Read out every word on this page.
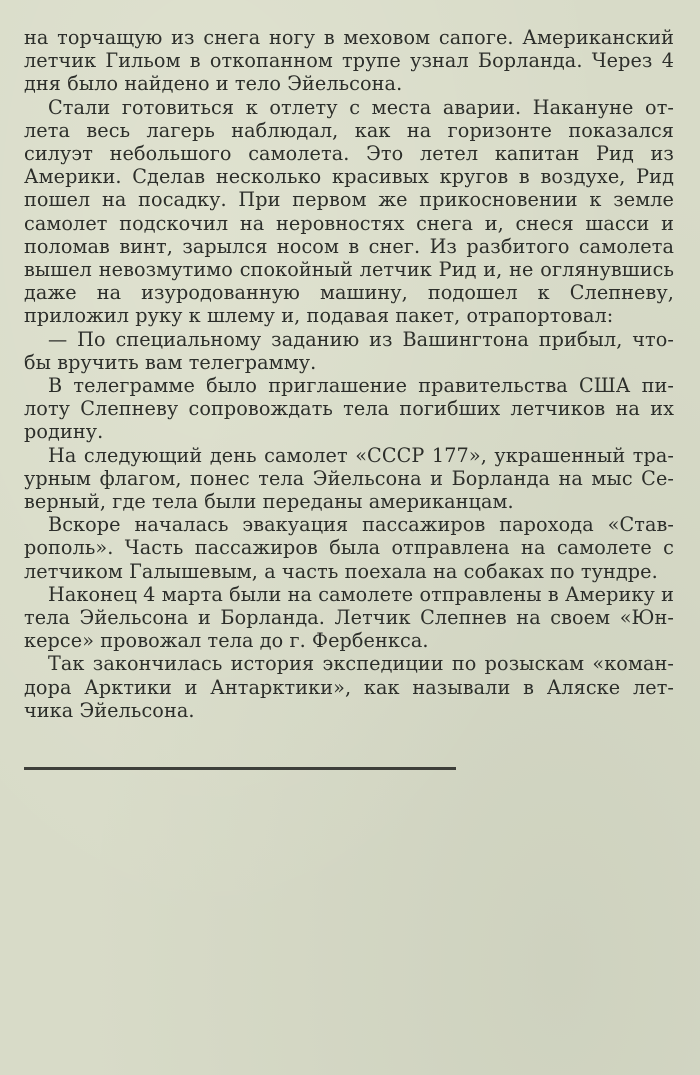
на торчащую из снега ногу в меховом сапоге. Американский летчик Гильом в откопанном трупе узнал Борланда. Через 4 дня было найдено и тело Эйельсона.

Стали готовиться к отлету с места аварии. Накануне от- лета весь лагерь наблюдал, как на горизонте показался силуэт небольшого самолета. Это летел капитан Рид из Америки. Сделав несколько красивых кругов в воздухе, Рид пошел на посадку. При первом же прикосновении к земле самолет подскочил на неровностях снега и, снеся шасси и поломав винт, зарылся носом в снег. Из разбитого самолета вышел невозмутимо спокойный летчик Рид и, не оглянувшись даже на изуродованную машину, подошел к Слепневу, приложил руку к шлему и, подавая пакет, отрапортовал:

— По специальному заданию из Вашингтона прибыл, что- бы вручить вам телеграмму.

В телеграмме было приглашение правительства США пи- лоту Слепневу сопровождать тела погибших летчиков на их родину.

На следующий день самолет «СССР 177», украшенный тра- урным флагом, понес тела Эйельсона и Борланда на мыс Се- верный, где тела были переданы американцам.

Вскоре началась эвакуация пассажиров парохода «Став- рополь». Часть пассажиров была отправлена на самолете с летчиком Галышевым, а часть поехала на собаках по тундре.

Наконец 4 марта были на самолете отправлены в Америку и тела Эйельсона и Борланда. Летчик Слепнев на своем «Юн- керсе» провожал тела до г. Фербенкса.

Так закончилась история экспедиции по розыскам «коман- дора Арктики и Антарктики», как называли в Аляске лет- чика Эйельсона.
